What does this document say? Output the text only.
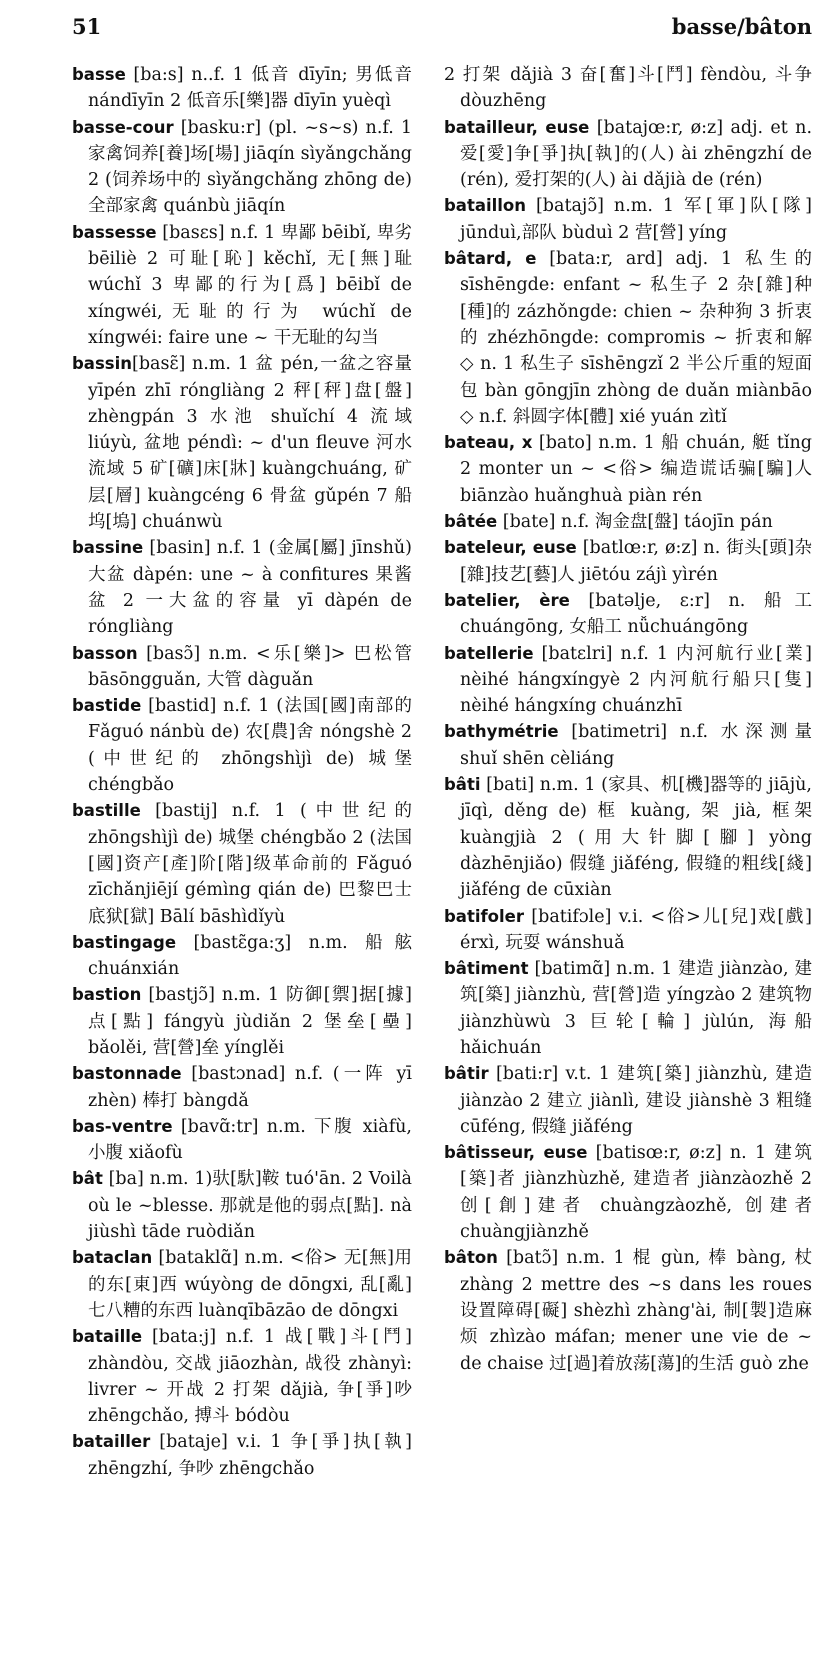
51	basse/bâton

basse [ba:s] n..f. 1 低音 dīyīn; 男低音 nándīyīn 2 低音乐[樂]器 dīyīn yuèqì

basse-cour [basku:r] (pl. ~s~s) n.f. 1 家禽饲养[養]场[場] jiāqín sìyǎngchǎng 2 (饲养场中的 sìyǎngchǎng zhōng de) 全部家禽 quánbù jiāqín

bassesse [basɛs] n.f. 1 卑鄙 bēibǐ, 卑劣 bēiliè 2 可耻[恥] kěchǐ, 无[無]耻 wúchǐ 3 卑鄙的行为[爲] bēibǐ de xíngwéi,无耻的行为 wúchǐ de xíngwéi: faire une ~ 干无耻的勾当

bassin[basɛ̃] n.m. 1 盆 pén,一盆之容量 yīpén zhī róngliàng 2 秤[秤]盘[盤] zhèngpán 3 水池 shuǐchí 4 流域 liúyù, 盆地 péndì: ~ d'un fleuve 河水流域 5 矿[礦]床[牀] kuàngchuáng, 矿层[層] kuàngcéng 6 骨盆 gǔpén 7 船坞[塢] chuánwù

bassine [basin] n.f. 1 (金属[屬] jīnshǔ) 大盆 dàpén: une ~ à confitures 果酱盆 2 一大盆的容量 yī dàpén de róngliàng

basson [basɔ̃] n.m. <乐[樂]> 巴松管 bāsōngguǎn, 大管 dàguǎn

bastide [bastid] n.f. 1 (法国[國]南部的 Fǎguó nánbù de) 农[農]舍 nóngshè 2 (中世纪的 zhōngshìjì de) 城堡 chéngbǎo

bastille [bastij] n.f. 1 (中世纪的 zhōngshìjì de) 城堡 chéngbǎo 2 (法国[國]资产[產]阶[階]级革命前的 Fǎguó zīchǎnjiējí gémìng qián de) 巴黎巴士底狱[獄] Bālí bāshìdǐyù

bastingage [bastɛ̃ga:ʒ] n.m. 船舷 chuánxián

bastion [bastjɔ̃] n.m. 1 防御[禦]据[據]点[點] fángyù jùdiǎn 2 堡垒[壘] bǎolěi, 营[營]垒 yínglěi

bastonnade [bastɔnad] n.f. (一阵 yī zhèn) 棒打 bàngdǎ

bas-ventre [bavɑ̃:tr] n.m. 下腹 xiàfù, 小腹 xiǎofù

bât [ba] n.m. 1)驮[馱]鞍 tuó'ān. 2 Voilà où le ~blesse. 那就是他的弱点[點]. nà jiùshì tāde ruòdiǎn

bataclan [bataklɑ̃] n.m. <俗> 无[無]用的东[東]西 wúyòng de dōngxi, 乱[亂]七八糟的东西 luànqībāzāo de dōngxi

bataille [bata:j] n.f. 1 战[戰]斗[鬥] zhàndòu, 交战 jiāozhàn, 战役 zhànyì: livrer ~ 开战 2 打架 dǎjià, 争[爭]吵 zhēngchǎo, 搏斗 bódòu

batailler [bataje] v.i. 1 争[爭]执[執] zhēngzhí, 争吵 zhēngchǎo

2 打架 dǎjià 3 奋[奮]斗[鬥] fèndòu, 斗争 dòuzhēng

batailleur, euse [batajœ:r, ø:z] adj. et n. 爱[愛]争[爭]执[執]的(人) ài zhēngzhí de (rén), 爱打架的(人) ài dǎjià de (rén)

bataillon [batajɔ̃] n.m. 1 军[軍]队[隊] jūnduì,部队 bùduì 2 营[營] yíng

bâtard, e [bata:r, ard] adj. 1 私生的 sīshēngde: enfant ~ 私生子 2 杂[雜]种[種]的 zázhǒngde: chien ~ 杂种狗 3 折衷的 zhézhōngde: compromis ~ 折衷和解 ◇ n. 1 私生子 sīshēngzǐ 2 半公斤重的短面包 bàn gōngjīn zhòng de duǎn miànbāo ◇ n.f. 斜圆字体[體] xié yuán zìtǐ

bateau, x [bato] n.m. 1 船 chuán, 艇 tǐng 2 monter un ~ <俗> 编造谎话骗[騙]人 biānzào huǎnghuà piàn rén

bâtée [bate] n.f. 淘金盘[盤] táojīn pán

bateleur, euse [batlœ:r, ø:z] n. 街头[頭]杂[雜]技艺[藝]人 jiētóu zájì yìrén

batelier, ère [batəlje, ɛ:r] n. 船工 chuángōng, 女船工 nǚchuángōng

batellerie [batɛlri] n.f. 1 内河航行业[業] nèihé hángxíngyè 2 内河航行船只[隻] nèihé hángxíng chuánzhī

bathymétrie [batimetri] n.f. 水深测量 shuǐ shēn cèliáng

bâti [bati] n.m. 1 (家具、机[機]器等的 jiājù, jīqì, děng de) 框 kuàng, 架 jià, 框架 kuàngjià 2 (用大针脚[腳] yòng dàzhēnjiǎo) 假缝 jiǎféng, 假缝的粗线[綫] jiǎféng de cūxiàn

batifoler [batifɔle] v.i. <俗>儿[兒]戏[戲] érxì, 玩耍 wánshuǎ

bâtiment [batimɑ̃] n.m. 1 建造 jiànzào, 建筑[築] jiànzhù, 营[營]造 yíngzào 2 建筑物 jiànzhùwù 3 巨轮[輪] jùlún, 海船 hǎichuán

bâtir [bati:r] v.t. 1 建筑[築] jiànzhù, 建造 jiànzào 2 建立 jiànlì, 建设 jiànshè 3 粗缝 cūféng, 假缝 jiǎféng

bâtisseur, euse [batisœ:r, ø:z] n. 1 建筑[築]者 jiànzhùzhě, 建造者 jiànzàozhě 2 创[創]建者 chuàngzàozhě, 创建者 chuàngjiànzhě

bâton [batɔ̃] n.m. 1 棍 gùn, 棒 bàng, 杖 zhàng 2 mettre des ~s dans les roues 设置障碍[礙] shèzhì zhàng'ài, 制[製]造麻烦 zhìzào máfan; mener une vie de ~ de chaise 过[過]着放荡[蕩]的生活 guò zhe
